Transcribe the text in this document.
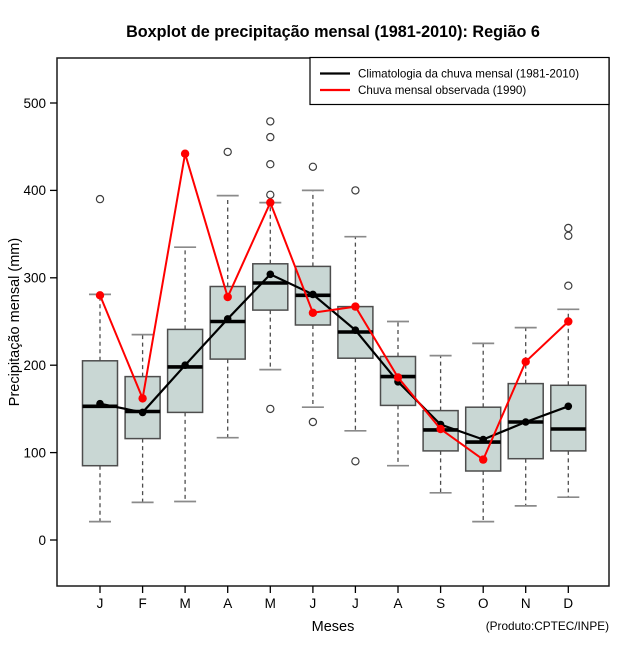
Boxplot de precipitação mensal (1981-2010): Região 6
0
100
200
300
400
500
J	F M A M J	J	A S O N D
Climatologia da chuva mensal (1981-2010)
Chuva mensal observada (1990)
Precipitação mensal (mm)
Meses	(Produto:CPTEC/INPE)
